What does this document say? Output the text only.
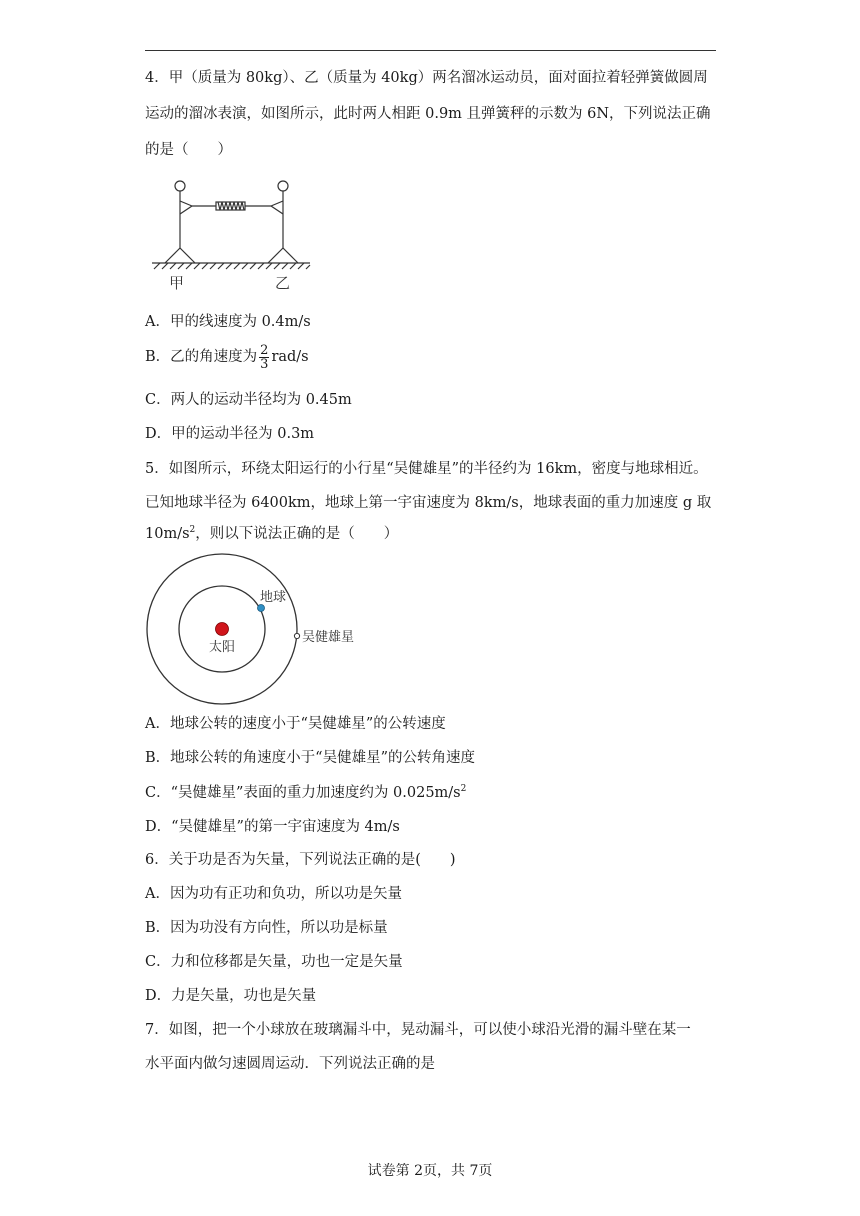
4．甲（质量为 80kg）、乙（质量为 40kg）两名溜冰运动员，面对面拉着轻弹簧做圆周
运动的溜冰表演，如图所示，此时两人相距 0.9m 且弹簧秤的示数为 6N，下列说法正确
的是（　　）
甲	乙
A．甲的线速度为 0.4m/s
B．乙的角速度为 $\frac{2}{3} rad/s$
C．两人的运动半径均为 0.45m
D．甲的运动半径为 0.3m
5．如图所示，环绕太阳运行的小行星“吴健雄星”的半径约为 16km，密度与地球相近。
已知地球半径为 6400km，地球上第一宇宙速度为 8km/s，地球表面的重力加速度 g 取
$10m/s^2$，则以下说法正确的是（　　）
太阳
地球
吴健雄星
A．地球公转的速度小于“吴健雄星”的公转速度
B．地球公转的角速度小于“吴健雄星”的公转角速度
C．“吴健雄星”表面的重力加速度约为 $0.025m/s^2$
D．“吴健雄星”的第一宇宙速度为 4m/s
6．关于功是否为矢量，下列说法正确的是(　　)
A．因为功有正功和负功，所以功是矢量
B．因为功没有方向性，所以功是标量
C．力和位移都是矢量，功也一定是矢量
D．力是矢量，功也是矢量
7．如图，把一个小球放在玻璃漏斗中，晃动漏斗，可以使小球沿光滑的漏斗壁在某一
水平面内做匀速圆周运动．下列说法正确的是
试卷第 2页，共 7页
